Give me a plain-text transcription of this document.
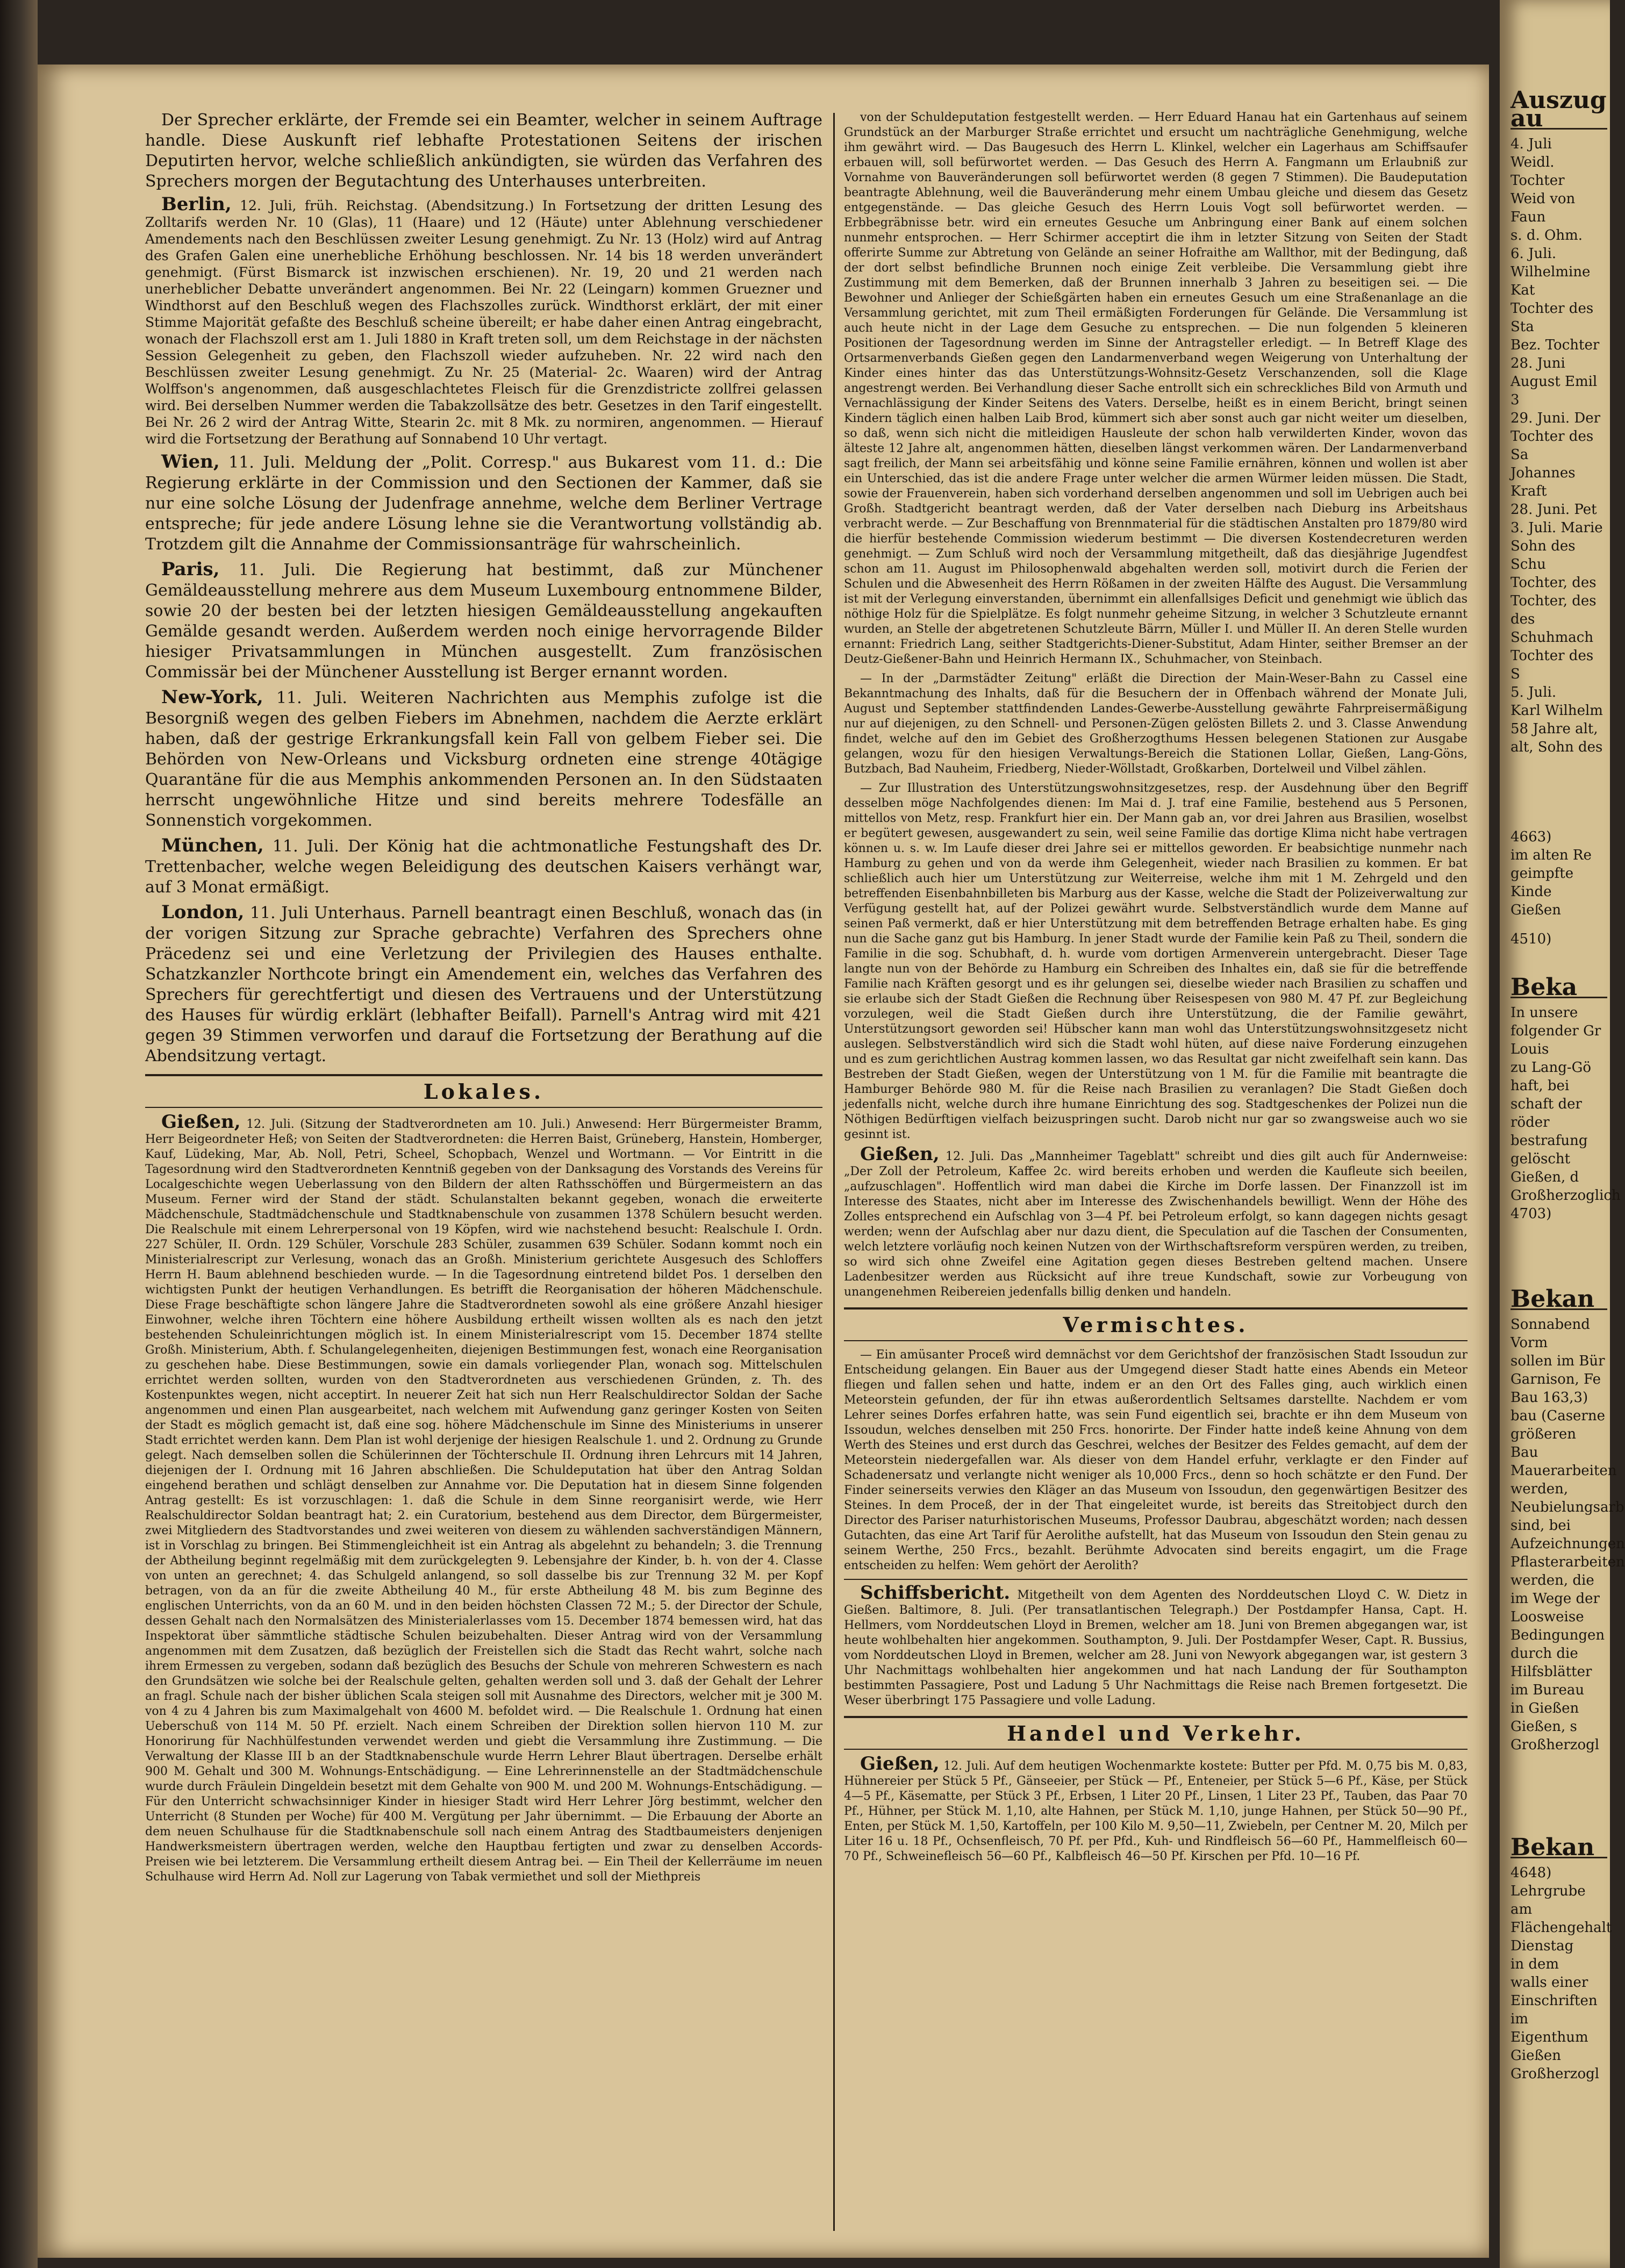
Der Sprecher erklärte, der Fremde sei ein Beamter, welcher in seinem Auftrage handle. Diese Auskunft rief lebhafte Protestationen Seitens der irischen Deputirten hervor, welche schließlich ankündigten, sie würden das Verfahren des Sprechers morgen der Begutachtung des Unterhauses unterbreiten.

Berlin, 12. Juli, früh. Reichstag. (Abendsitzung.) In Fortsetzung der dritten Lesung des Zolltarifs werden Nr. 10 (Glas), 11 (Haare) und 12 (Häute) unter Ablehnung verschiedener Amendements nach den Beschlüssen zweiter Lesung genehmigt. Zu Nr. 13 (Holz) wird auf Antrag des Grafen Galen eine unerhebliche Erhöhung beschlossen. Nr. 14 bis 18 werden unverändert genehmigt. (Fürst Bismarck ist inzwischen erschienen). Nr. 19, 20 und 21 werden nach unerheblicher Debatte unverändert angenommen. Bei Nr. 22 (Leingarn) kommen Gruezner und Windthorst auf den Beschluß wegen des Flachszolles zurück. Windthorst erklärt, der mit einer Stimme Majorität gefaßte des Beschluß scheine übereilt; er habe daher einen Antrag eingebracht, wonach der Flachszoll erst am 1. Juli 1880 in Kraft treten soll, um dem Reichstage in der nächsten Session Gelegenheit zu geben, den Flachszoll wieder aufzuheben. Nr. 22 wird nach den Beschlüssen zweiter Lesung genehmigt. Zu Nr. 25 (Material- 2c. Waaren) wird der Antrag Wolffson's angenommen, daß ausgeschlachtetes Fleisch für die Grenzdistricte zollfrei gelassen wird. Bei derselben Nummer werden die Tabakzollsätze des betr. Gesetzes in den Tarif eingestellt. Bei Nr. 26 2 wird der Antrag Witte, Stearin 2c. mit 8 Mk. zu normiren, angenommen. — Hierauf wird die Fortsetzung der Berathung auf Sonnabend 10 Uhr vertagt.

Wien, 11. Juli. Meldung der „Polit. Corresp." aus Bukarest vom 11. d.: Die Regierung erklärte in der Commission und den Sectionen der Kammer, daß sie nur eine solche Lösung der Judenfrage annehme, welche dem Berliner Vertrage entspreche; für jede andere Lösung lehne sie die Verantwortung vollständig ab. Trotzdem gilt die Annahme der Commissionsanträge für wahrscheinlich.

Paris, 11. Juli. Die Regierung hat bestimmt, daß zur Münchener Gemäldeausstellung mehrere aus dem Museum Luxembourg entnommene Bilder, sowie 20 der besten bei der letzten hiesigen Gemäldeausstellung angekauften Gemälde gesandt werden. Außerdem werden noch einige hervorragende Bilder hiesiger Privatsammlungen in München ausgestellt. Zum französischen Commissär bei der Münchener Ausstellung ist Berger ernannt worden.

New-York, 11. Juli. Weiteren Nachrichten aus Memphis zufolge ist die Besorgniß wegen des gelben Fiebers im Abnehmen, nachdem die Aerzte erklärt haben, daß der gestrige Erkrankungsfall kein Fall von gelbem Fieber sei. Die Behörden von New-Orleans und Vicksburg ordneten eine strenge 40tägige Quarantäne für die aus Memphis ankommenden Personen an. In den Südstaaten herrscht ungewöhnliche Hitze und sind bereits mehrere Todesfälle an Sonnenstich vorgekommen.

München, 11. Juli. Der König hat die achtmonatliche Festungshaft des Dr. Trettenbacher, welche wegen Beleidigung des deutschen Kaisers verhängt war, auf 3 Monat ermäßigt.

London, 11. Juli Unterhaus. Parnell beantragt einen Beschluß, wonach das (in der vorigen Sitzung zur Sprache gebrachte) Verfahren des Sprechers ohne Präcedenz sei und eine Verletzung der Privilegien des Hauses enthalte. Schatzkanzler Northcote bringt ein Amendement ein, welches das Verfahren des Sprechers für gerechtfertigt und diesen des Vertrauens und der Unterstützung des Hauses für würdig erklärt (lebhafter Beifall). Parnell's Antrag wird mit 421 gegen 39 Stimmen verworfen und darauf die Fortsetzung der Berathung auf die Abendsitzung vertagt.

Lokales.

Gießen, 12. Juli. (Sitzung der Stadtverordneten am 10. Juli.) Anwesend: Herr Bürgermeister Bramm, Herr Beigeordneter Heß; von Seiten der Stadtverordneten: die Herren Baist, Grüneberg, Hanstein, Homberger, Kauf, Lüdeking, Mar, Ab. Noll, Petri, Scheel, Schopbach, Wenzel und Wortmann. — Vor Eintritt in die Tagesordnung wird den Stadtverordneten Kenntniß gegeben von der Danksagung des Vorstands des Vereins für Localgeschichte wegen Ueberlassung von den Bildern der alten Rathsschöffen und Bürgermeistern an das Museum. Ferner wird der Stand der städt. Schulanstalten bekannt gegeben, wonach die erweiterte Mädchenschule, Stadtmädchenschule und Stadtknabenschule von zusammen 1378 Schülern besucht werden. Die Realschule mit einem Lehrerpersonal von 19 Köpfen, wird wie nachstehend besucht: Realschule I. Ordn. 227 Schüler, II. Ordn. 129 Schüler, Vorschule 283 Schüler, zusammen 639 Schüler. Sodann kommt noch ein Ministerialrescript zur Verlesung, wonach das an Großh. Ministerium gerichtete Ausgesuch des Schloffers Herrn H. Baum ablehnend beschieden wurde. — In die Tagesordnung eintretend bildet Pos. 1 derselben den wichtigsten Punkt der heutigen Verhandlungen. Es betrifft die Reorganisation der höheren Mädchenschule. Diese Frage beschäftigte schon längere Jahre die Stadtverordneten sowohl als eine größere Anzahl hiesiger Einwohner, welche ihren Töchtern eine höhere Ausbildung ertheilt wissen wollten als es nach den jetzt bestehenden Schuleinrichtungen möglich ist. In einem Ministerialrescript vom 15. December 1874 stellte Großh. Ministerium, Abth. f. Schulangelegenheiten, diejenigen Bestimmungen fest, wonach eine Reorganisation zu geschehen habe. Diese Bestimmungen, sowie ein damals vorliegender Plan, wonach sog. Mittelschulen errichtet werden sollten, wurden von den Stadtverordneten aus verschiedenen Gründen, z. Th. des Kostenpunktes wegen, nicht acceptirt. In neuerer Zeit hat sich nun Herr Realschuldirector Soldan der Sache angenommen und einen Plan ausgearbeitet, nach welchem mit Aufwendung ganz geringer Kosten von Seiten der Stadt es möglich gemacht ist, daß eine sog. höhere Mädchenschule im Sinne des Ministeriums in unserer Stadt errichtet werden kann. Dem Plan ist wohl derjenige der hiesigen Realschule 1. und 2. Ordnung zu Grunde gelegt. Nach demselben sollen die Schülerinnen der Töchterschule II. Ordnung ihren Lehrcurs mit 14 Jahren, diejenigen der I. Ordnung mit 16 Jahren abschließen. Die Schuldeputation hat über den Antrag Soldan eingehend berathen und schlägt denselben zur Annahme vor. Die Deputation hat in diesem Sinne folgenden Antrag gestellt: Es ist vorzuschlagen: 1. daß die Schule in dem Sinne reorganisirt werde, wie Herr Realschuldirector Soldan beantragt hat; 2. ein Curatorium, bestehend aus dem Director, dem Bürgermeister, zwei Mitgliedern des Stadtvorstandes und zwei weiteren von diesem zu wählenden sachverständigen Männern, ist in Vorschlag zu bringen. Bei Stimmengleichheit ist ein Antrag als abgelehnt zu behandeln; 3. die Trennung der Abtheilung beginnt regelmäßig mit dem zurückgelegten 9. Lebensjahre der Kinder, b. h. von der 4. Classe von unten an gerechnet; 4. das Schulgeld anlangend, so soll dasselbe bis zur Trennung 32 M. per Kopf betragen, von da an für die zweite Abtheilung 40 M., für erste Abtheilung 48 M. bis zum Beginne des englischen Unterrichts, von da an 60 M. und in den beiden höchsten Classen 72 M.; 5. der Director der Schule, dessen Gehalt nach den Normalsätzen des Ministerialerlasses vom 15. December 1874 bemessen wird, hat das Inspektorat über sämmtliche städtische Schulen beizubehalten. Dieser Antrag wird von der Versammlung angenommen mit dem Zusatzen, daß bezüglich der Freistellen sich die Stadt das Recht wahrt, solche nach ihrem Ermessen zu vergeben, sodann daß bezüglich des Besuchs der Schule von mehreren Schwestern es nach den Grundsätzen wie solche bei der Realschule gelten, gehalten werden soll und 3. daß der Gehalt der Lehrer an fragl. Schule nach der bisher üblichen Scala steigen soll mit Ausnahme des Directors, welcher mit je 300 M. von 4 zu 4 Jahren bis zum Maximalgehalt von 4600 M. befoldet wird. — Die Realschule 1. Ordnung hat einen Ueberschuß von 114 M. 50 Pf. erzielt. Nach einem Schreiben der Direktion sollen hiervon 110 M. zur Honorirung für Nachhülfestunden verwendet werden und giebt die Versammlung ihre Zustimmung. — Die Verwaltung der Klasse III b an der Stadtknabenschule wurde Herrn Lehrer Blaut übertragen. Derselbe erhält 900 M. Gehalt und 300 M. Wohnungs-Entschädigung. — Eine Lehrerinnenstelle an der Stadtmädchenschule wurde durch Fräulein Dingeldein besetzt mit dem Gehalte von 900 M. und 200 M. Wohnungs-Entschädigung. — Für den Unterricht schwachsinniger Kinder in hiesiger Stadt wird Herr Lehrer Jörg bestimmt, welcher den Unterricht (8 Stunden per Woche) für 400 M. Vergütung per Jahr übernimmt. — Die Erbauung der Aborte an dem neuen Schulhause für die Stadtknabenschule soll nach einem Antrag des Stadtbaumeisters denjenigen Handwerksmeistern übertragen werden, welche den Hauptbau fertigten und zwar zu denselben Accords-Preisen wie bei letzterem. Die Versammlung ertheilt diesem Antrag bei. — Ein Theil der Kellerräume im neuen Schulhause wird Herrn Ad. Noll zur Lagerung von Tabak vermiethet und soll der Miethpreis

von der Schuldeputation festgestellt werden. — Herr Eduard Hanau hat ein Gartenhaus auf seinem Grundstück an der Marburger Straße errichtet und ersucht um nachträgliche Genehmigung, welche ihm gewährt wird. — Das Baugesuch des Herrn L. Klinkel, welcher ein Lagerhaus am Schiffsaufer erbauen will, soll befürwortet werden. — Das Gesuch des Herrn A. Fangmann um Erlaubniß zur Vornahme von Bauveränderungen soll befürwortet werden (8 gegen 7 Stimmen). Die Baudeputation beantragte Ablehnung, weil die Bauveränderung mehr einem Umbau gleiche und diesem das Gesetz entgegenstände. — Das gleiche Gesuch des Herrn Louis Vogt soll befürwortet werden. — Erbbegräbnisse betr. wird ein erneutes Gesuche um Anbringung einer Bank auf einem solchen nunmehr entsprochen. — Herr Schirmer acceptirt die ihm in letzter Sitzung von Seiten der Stadt offerirte Summe zur Abtretung von Gelände an seiner Hofraithe am Wallthor, mit der Bedingung, daß der dort selbst befindliche Brunnen noch einige Zeit verbleibe. Die Versammlung giebt ihre Zustimmung mit dem Bemerken, daß der Brunnen innerhalb 3 Jahren zu beseitigen sei. — Die Bewohner und Anlieger der Schießgärten haben ein erneutes Gesuch um eine Straßenanlage an die Versammlung gerichtet, mit zum Theil ermäßigten Forderungen für Gelände. Die Versammlung ist auch heute nicht in der Lage dem Gesuche zu entsprechen. — Die nun folgenden 5 kleineren Positionen der Tagesordnung werden im Sinne der Antragsteller erledigt. — In Betreff Klage des Ortsarmenverbands Gießen gegen den Landarmenverband wegen Weigerung von Unterhaltung der Kinder eines hinter das das Unterstützungs-Wohnsitz-Gesetz Verschanzenden, soll die Klage angestrengt werden. Bei Verhandlung dieser Sache entrollt sich ein schreckliches Bild von Armuth und Vernachlässigung der Kinder Seitens des Vaters. Derselbe, heißt es in einem Bericht, bringt seinen Kindern täglich einen halben Laib Brod, kümmert sich aber sonst auch gar nicht weiter um dieselben, so daß, wenn sich nicht die mitleidigen Hausleute der schon halb verwilderten Kinder, wovon das älteste 12 Jahre alt, angenommen hätten, dieselben längst verkommen wären. Der Landarmenverband sagt freilich, der Mann sei arbeitsfähig und könne seine Familie ernähren, können und wollen ist aber ein Unterschied, das ist die andere Frage unter welcher die armen Würmer leiden müssen. Die Stadt, sowie der Frauenverein, haben sich vorderhand derselben angenommen und soll im Uebrigen auch bei Großh. Stadtgericht beantragt werden, daß der Vater derselben nach Dieburg ins Arbeitshaus verbracht werde. — Zur Beschaffung von Brennmaterial für die städtischen Anstalten pro 1879/80 wird die hierfür bestehende Commission wiederum bestimmt — Die diversen Kostendecreturen werden genehmigt. — Zum Schluß wird noch der Versammlung mitgetheilt, daß das diesjährige Jugendfest schon am 11. August im Philosophenwald abgehalten werden soll, motivirt durch die Ferien der Schulen und die Abwesenheit des Herrn Rößamen in der zweiten Hälfte des August. Die Versammlung ist mit der Verlegung einverstanden, übernimmt ein allenfallsiges Deficit und genehmigt wie üblich das nöthige Holz für die Spielplätze. Es folgt nunmehr geheime Sitzung, in welcher 3 Schutzleute ernannt wurden, an Stelle der abgetretenen Schutzleute Bärrn, Müller I. und Müller II. An deren Stelle wurden ernannt: Friedrich Lang, seither Stadtgerichts-Diener-Substitut, Adam Hinter, seither Bremser an der Deutz-Gießener-Bahn und Heinrich Hermann IX., Schuhmacher, von Steinbach.

— In der „Darmstädter Zeitung" erläßt die Direction der Main-Weser-Bahn zu Cassel eine Bekanntmachung des Inhalts, daß für die Besuchern der in Offenbach während der Monate Juli, August und September stattfindenden Landes-Gewerbe-Ausstellung gewährte Fahrpreisermäßigung nur auf diejenigen, zu den Schnell- und Personen-Zügen gelösten Billets 2. und 3. Classe Anwendung findet, welche auf den im Gebiet des Großherzogthums Hessen belegenen Stationen zur Ausgabe gelangen, wozu für den hiesigen Verwaltungs-Bereich die Stationen Lollar, Gießen, Lang-Göns, Butzbach, Bad Nauheim, Friedberg, Nieder-Wöllstadt, Großkarben, Dortelweil und Vilbel zählen.

— Zur Illustration des Unterstützungswohnsitzgesetzes, resp. der Ausdehnung über den Begriff desselben möge Nachfolgendes dienen: Im Mai d. J. traf eine Familie, bestehend aus 5 Personen, mittellos von Metz, resp. Frankfurt hier ein. Der Mann gab an, vor drei Jahren aus Brasilien, woselbst er begütert gewesen, ausgewandert zu sein, weil seine Familie das dortige Klima nicht habe vertragen können u. s. w. Im Laufe dieser drei Jahre sei er mittellos geworden. Er beabsichtige nunmehr nach Hamburg zu gehen und von da werde ihm Gelegenheit, wieder nach Brasilien zu kommen. Er bat schließlich auch hier um Unterstützung zur Weiterreise, welche ihm mit 1 M. Zehrgeld und den betreffenden Eisenbahnbilleten bis Marburg aus der Kasse, welche die Stadt der Polizeiverwaltung zur Verfügung gestellt hat, auf der Polizei gewährt wurde. Selbstverständlich wurde dem Manne auf seinen Paß vermerkt, daß er hier Unterstützung mit dem betreffenden Betrage erhalten habe. Es ging nun die Sache ganz gut bis Hamburg. In jener Stadt wurde der Familie kein Paß zu Theil, sondern die Familie in die sog. Schubhaft, d. h. wurde vom dortigen Armenverein untergebracht. Dieser Tage langte nun von der Behörde zu Hamburg ein Schreiben des Inhaltes ein, daß sie für die betreffende Familie nach Kräften gesorgt und es ihr gelungen sei, dieselbe wieder nach Brasilien zu schaffen und sie erlaube sich der Stadt Gießen die Rechnung über Reisespesen von 980 M. 47 Pf. zur Begleichung vorzulegen, weil die Stadt Gießen durch ihre Unterstützung, die der Familie gewährt, Unterstützungsort geworden sei! Hübscher kann man wohl das Unterstützungswohnsitzgesetz nicht auslegen. Selbstverständlich wird sich die Stadt wohl hüten, auf diese naive Forderung einzugehen und es zum gerichtlichen Austrag kommen lassen, wo das Resultat gar nicht zweifelhaft sein kann. Das Bestreben der Stadt Gießen, wegen der Unterstützung von 1 M. für die Familie mit beantragte die Hamburger Behörde 980 M. für die Reise nach Brasilien zu veranlagen? Die Stadt Gießen doch jedenfalls nicht, welche durch ihre humane Einrichtung des sog. Stadtgeschenkes der Polizei nun die Nöthigen Bedürftigen vielfach beizuspringen sucht. Darob nicht nur gar so zwangsweise auch wo sie gesinnt ist.

Gießen, 12. Juli. Das „Mannheimer Tageblatt" schreibt und dies gilt auch für Andernweise: „Der Zoll der Petroleum, Kaffee 2c. wird bereits erhoben und werden die Kaufleute sich beeilen, „aufzuschlagen". Hoffentlich wird man dabei die Kirche im Dorfe lassen. Der Finanzzoll ist im Interesse des Staates, nicht aber im Interesse des Zwischenhandels bewilligt. Wenn der Höhe des Zolles entsprechend ein Aufschlag von 3—4 Pf. bei Petroleum erfolgt, so kann dagegen nichts gesagt werden; wenn der Aufschlag aber nur dazu dient, die Speculation auf die Taschen der Consumenten, welch letztere vorläufig noch keinen Nutzen von der Wirthschaftsreform verspüren werden, zu treiben, so wird sich ohne Zweifel eine Agitation gegen dieses Bestreben geltend machen. Unsere Ladenbesitzer werden aus Rücksicht auf ihre treue Kundschaft, sowie zur Vorbeugung von unangenehmen Reibereien jedenfalls billig denken und handeln.

Vermischtes.

— Ein amüsanter Proceß wird demnächst vor dem Gerichtshof der französischen Stadt Issoudun zur Entscheidung gelangen. Ein Bauer aus der Umgegend dieser Stadt hatte eines Abends ein Meteor fliegen und fallen sehen und hatte, indem er an den Ort des Falles ging, auch wirklich einen Meteorstein gefunden, der für ihn etwas außerordentlich Seltsames darstellte. Nachdem er vom Lehrer seines Dorfes erfahren hatte, was sein Fund eigentlich sei, brachte er ihn dem Museum von Issoudun, welches denselben mit 250 Frcs. honorirte. Der Finder hatte indeß keine Ahnung von dem Werth des Steines und erst durch das Geschrei, welches der Besitzer des Feldes gemacht, auf dem der Meteorstein niedergefallen war. Als dieser von dem Handel erfuhr, verklagte er den Finder auf Schadenersatz und verlangte nicht weniger als 10,000 Frcs., denn so hoch schätzte er den Fund. Der Finder seinerseits verwies den Kläger an das Museum von Issoudun, den gegenwärtigen Besitzer des Steines. In dem Proceß, der in der That eingeleitet wurde, ist bereits das Streitobject durch den Director des Pariser naturhistorischen Museums, Professor Daubrau, abgeschätzt worden; nach dessen Gutachten, das eine Art Tarif für Aerolithe aufstellt, hat das Museum von Issoudun den Stein genau zu seinem Werthe, 250 Frcs., bezahlt. Berühmte Advocaten sind bereits engagirt, um die Frage entscheiden zu helfen: Wem gehört der Aerolith?

Schiffsbericht. Mitgetheilt von dem Agenten des Norddeutschen Lloyd C. W. Dietz in Gießen. Baltimore, 8. Juli. (Per transatlantischen Telegraph.) Der Postdampfer Hansa, Capt. H. Hellmers, vom Norddeutschen Lloyd in Bremen, welcher am 18. Juni von Bremen abgegangen war, ist heute wohlbehalten hier angekommen. Southampton, 9. Juli. Der Postdampfer Weser, Capt. R. Bussius, vom Norddeutschen Lloyd in Bremen, welcher am 28. Juni von Newyork abgegangen war, ist gestern 3 Uhr Nachmittags wohlbehalten hier angekommen und hat nach Landung der für Southampton bestimmten Passagiere, Post und Ladung 5 Uhr Nachmittags die Reise nach Bremen fortgesetzt. Die Weser überbringt 175 Passagiere und volle Ladung.

Handel und Verkehr.

Gießen, 12. Juli. Auf dem heutigen Wochenmarkte kostete: Butter per Pfd. M. 0,75 bis M. 0,83, Hühnereier per Stück 5 Pf., Gänseeier, per Stück — Pf., Enteneier, per Stück 5—6 Pf., Käse, per Stück 4—5 Pf., Käsematte, per Stück 3 Pf., Erbsen, 1 Liter 20 Pf., Linsen, 1 Liter 23 Pf., Tauben, das Paar 70 Pf., Hühner, per Stück M. 1,10, alte Hahnen, per Stück M. 1,10, junge Hahnen, per Stück 50—90 Pf., Enten, per Stück M. 1,50, Kartoffeln, per 100 Kilo M. 9,50—11, Zwiebeln, per Centner M. 20, Milch per Liter 16 u. 18 Pf., Ochsenfleisch, 70 Pf. per Pfd., Kuh- und Rindfleisch 56—60 Pf., Hammelfleisch 60—70 Pf., Schweinefleisch 56—60 Pf., Kalbfleisch 46—50 Pf. Kirschen per Pfd. 10—16 Pf.

Auszug au
4. Juli
Weidl. Tochter
Weid von Faun
s. d. Ohm.
6. Juli.
Wilhelmine Kat
Tochter des Sta
Bez. Tochter
28. Juni
August Emil 3
29. Juni. Der
Tochter des Sa
Johannes Kraft
28. Juni. Pet
3. Juli. Marie
Sohn des Schu
Tochter, des
Tochter, des
des Schuhmach
Tochter des S
5. Juli.
Karl Wilhelm
58 Jahre alt,
alt, Sohn des
4663)
im alten Re
geimpfte Kinde
Gießen
4510)
Beka
In unsere
folgender Gr
Louis
zu Lang-Gö
haft, bei
schaft der
röder
bestrafung
gelöscht
Gießen, d
Großherzoglich
4703)
Bekan
Sonnabend
Vorm
sollen im Bür
Garnison, Fe
Bau 163,3)
bau (Caserne
größeren Bau
Mauerarbeiten
werden,
Neubielungsarb
sind, bei
Aufzeichnungen
Pflasterarbeiten
werden, die
im Wege der
Loosweise
Bedingungen
durch die
Hilfsblätter
im Bureau
in Gießen
Gießen, s
Großherzogl
Bekan
4648)
Lehrgrube am
Flächengehalt
Dienstag
in dem
walls einer
Einschriften
im Eigenthum
Gießen
Großherzogl
